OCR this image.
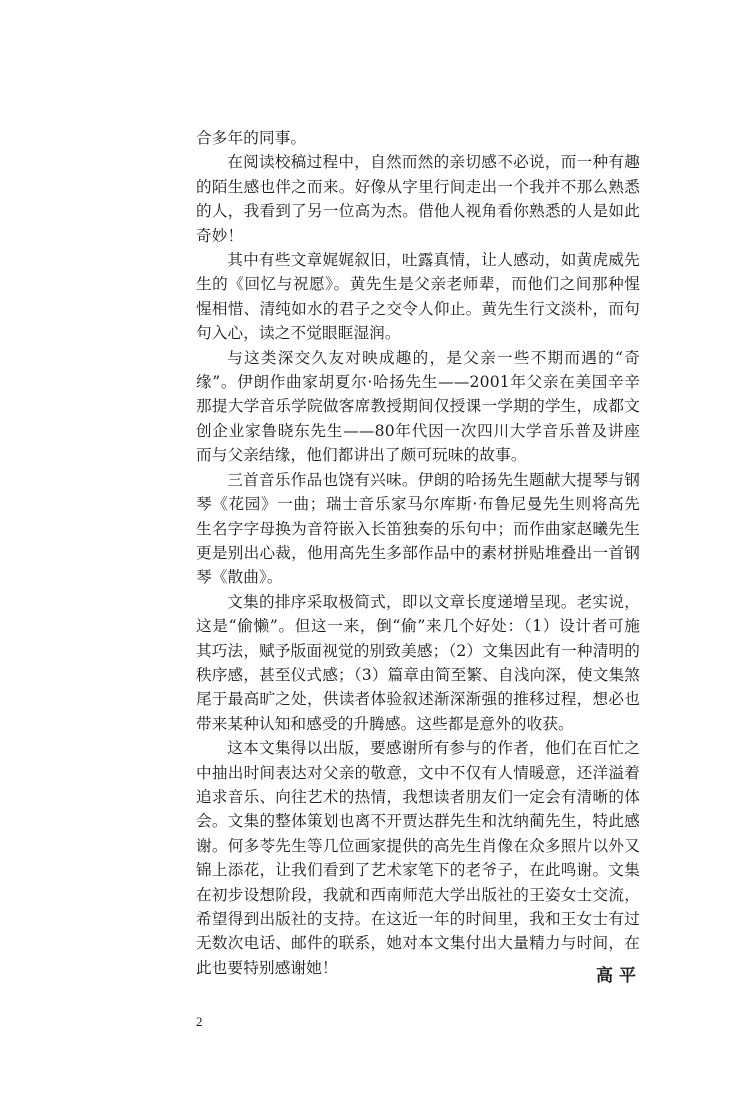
合多年的同事。

在阅读校稿过程中，自然而然的亲切感不必说，而一种有趣的陌生感也伴之而来。好像从字里行间走出一个我并不那么熟悉的人，我看到了另一位高为杰。借他人视角看你熟悉的人是如此奇妙！

其中有些文章娓娓叙旧，吐露真情，让人感动，如黄虎威先生的《回忆与祝愿》。黄先生是父亲老师辈，而他们之间那种惺惺相惜、清纯如水的君子之交令人仰止。黄先生行文淡朴，而句句入心，读之不觉眼眶湿润。

与这类深交久友对映成趣的，是父亲一些不期而遇的“奇缘”。伊朗作曲家胡夏尔·哈扬先生——2001年父亲在美国辛辛那提大学音乐学院做客席教授期间仅授课一学期的学生，成都文创企业家鲁晓东先生——80年代因一次四川大学音乐普及讲座而与父亲结缘，他们都讲出了颇可玩味的故事。

三首音乐作品也饶有兴味。伊朗的哈扬先生题献大提琴与钢琴《花园》一曲；瑞士音乐家马尔库斯·布鲁尼曼先生则将高先生名字字母换为音符嵌入长笛独奏的乐句中；而作曲家赵曦先生更是别出心裁，他用高先生多部作品中的素材拼贴堆叠出一首钢琴《散曲》。

文集的排序采取极简式，即以文章长度递增呈现。老实说，这是“偷懒”。但这一来，倒“偷”来几个好处：（1）设计者可施其巧法，赋予版面视觉的别致美感；（2）文集因此有一种清明的秩序感，甚至仪式感；（3）篇章由简至繁、自浅向深，使文集煞尾于最高旷之处，供读者体验叙述渐深渐强的推移过程，想必也带来某种认知和感受的升腾感。这些都是意外的收获。

这本文集得以出版，要感谢所有参与的作者，他们在百忙之中抽出时间表达对父亲的敬意，文中不仅有人情暖意，还洋溢着追求音乐、向往艺术的热情，我想读者朋友们一定会有清晰的体会。文集的整体策划也离不开贾达群先生和沈纳蔺先生，特此感谢。何多苓先生等几位画家提供的高先生肖像在众多照片以外又锦上添花，让我们看到了艺术家笔下的老爷子，在此鸣谢。文集在初步设想阶段，我就和西南师范大学出版社的王姿女士交流，希望得到出版社的支持。在这近一年的时间里，我和王女士有过无数次电话、邮件的联系，她对本文集付出大量精力与时间，在此也要特别感谢她！	高平
2
